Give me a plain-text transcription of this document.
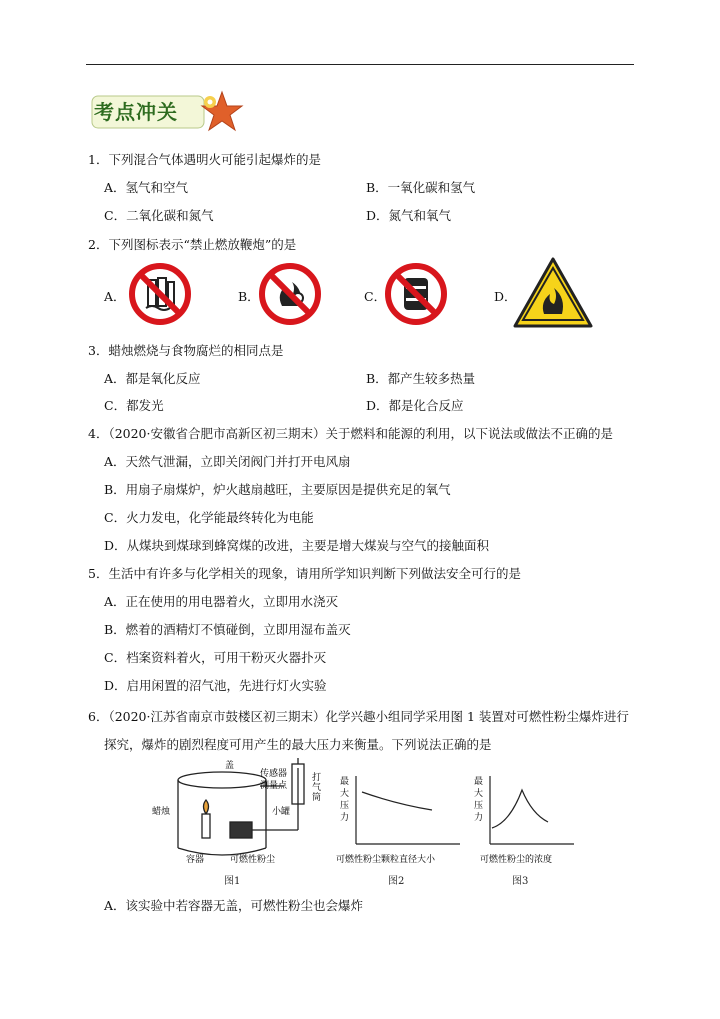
考点冲关
1．下列混合气体遇明火可能引起爆炸的是
A．氢气和空气	B．一氧化碳和氢气
C．二氧化碳和氮气	D．氮气和氧气
2．下列图标表示“禁止燃放鞭炮”的是
A．	B．	C．	D．
3．蜡烛燃烧与食物腐烂的相同点是
A．都是氧化反应	B．都产生较多热量
C．都发光	D．都是化合反应
4．（2020·安徽省合肥市高新区初三期末）关于燃料和能源的利用，以下说法或做法不正确的是
A．天然气泄漏，立即关闭阀门并打开电风扇
B．用扇子扇煤炉，炉火越扇越旺，主要原因是提供充足的氧气
C．火力发电，化学能最终转化为电能
D．从煤块到煤球到蜂窝煤的改进，主要是增大煤炭与空气的接触面积
5．生活中有许多与化学相关的现象，请用所学知识判断下列做法安全可行的是
A．正在使用的用电器着火，立即用水浇灭
B．燃着的酒精灯不慎碰倒，立即用湿布盖灭
C．档案资料着火，可用干粉灭火器扑灭
D．启用闲置的沼气池，先进行灯火实验
6．（2020·江苏省南京市鼓楼区初三期末）化学兴趣小组同学采用图 1 装置对可燃性粉尘爆炸进行
探究，爆炸的剧烈程度可用产生的最大压力来衡量。下列说法正确的是
盖
传感器
测量点
打
气
筒
蜡烛	小罐
容器	可燃性粉尘
图1
最
大
压
力
可燃性粉尘颗粒直径大小
图2
最
大
压
力
可燃性粉尘的浓度
图3
A．该实验中若容器无盖，可燃性粉尘也会爆炸
